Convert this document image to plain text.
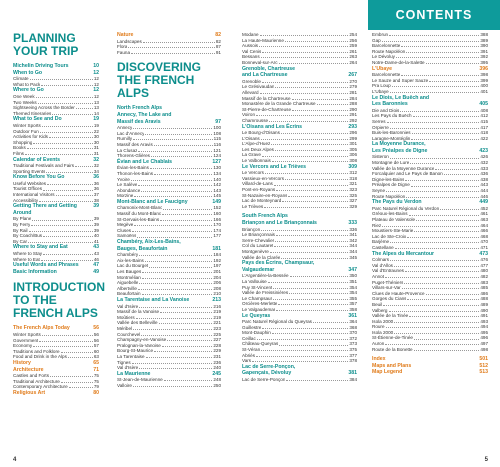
CONTENTS
PLANNING YOUR TRIP
Michelin Driving Tours	10
When to Go	12
Climate	12
What to Pack	12
Where to Go	12
One Week	12
Two Weeks	13
Sightseeing Across the Border	13
Themed Itineraries	14
What to See and Do	19
Winter Sports	19
Outdoor Fun	22
Activities for Kids	30
Shopping	30
Books	31
Films	31
Calendar of Events	32
Traditional Festivals and Fairs	32
Sporting Events	34
Know Before You Go	36
Useful Websites	36
Tourist Offices	36
International Visitors	37
Accessibility	38
Getting There and Getting Around
39
By Plane	39
By Ferry	39
By Rail	39
By Coach/Bus	40
By Car	41
Where to Stay and Eat	43
Where to Stay	43
Where to Eat	46
Useful Words and Phrases	47
Basic Information	49
INTRODUCTION TO THE FRENCH ALPS
The French Alps Today	56
Winter Sports	56
Government	56
Economy	57
Traditions and Folklore	60
Food and Drink in the Alps	63
History	65
Architecture	71
Castles and Forts	75
Traditional Architecture	75
Contemporary Architecture	79
Religious Art	80
Nature	82
Landscapes	82
Flora	87
Fauna	91
DISCOVERING THE FRENCH ALPS
North French Alps
Annecy, The Lake and
Massif des Aravis	97
Annecy	100
Lac d'Annecy	108
Rumilly	115
Massif des Aravis	116
La Clusaz	121
Thorens-Glières	124
Évian and Le Chablais	127
Évian-les-Bains	130
Thonon-les-Bains	134
Yvoire	140
Le Salève	142
Abondance	143
Morzine	145
Mont-Blanc and Le Faucigny	149
Chamonix-Mont-Blanc	152
Massif du Mont-Blanc	160
St-Gervais-les-Bains	166
Megève	170
Cluses	174
Samoëns	177
Chambéry, Aix-Les-Bains,
Bauges, Beaufortain	181
Chambéry	184
Aix-les-Bains	192
Lac du Bourget	197
Les Bauges	201
Montmélian	204
Aiguebelle	206
Albertville	208
Beaufortain	210
La Tarentaise and La Vanoise	213
Val d'Isère	216
Massif de la Vanoise	219
Moûtiers	219
Vallée des Belleville	221
Méribel	223
Courchevel	225
Champagny-en-Vanoise	227
Pralognan-la-Vanoise	228
Bourg-St-Maurice	229
La Tarentaise	231
Tignes	236
Val d'Isère	240
La Maurienne	245
St-Jean-de-Maurienne	248
Valloire	250
Modane	254
La Haute-Maurienne	256
Aussois	259
Val Cenis	261
Bessans	263
Bonneval-sur-Arc	264
Grenoble, Chartreuse
and La Chartreuse	267
Grenoble	270
Le Grésivaudan	279
Allevard	281
Massif de la Chartreuse	284
Monastère de la Grande Chartreuse	288
St-Pierre-de-Chartreuse	290
Voiron	291
Chamrousse	292
L'Oisans and Les Écrins	293
Le Bourg-d'Oisans	296
L'Oisans	299
L'Alpe-d'Huez	301
Les Deux Alpes	305
La Grave	306
Le Valbonnais	308
Le Vercors and Le Trièves	309
Le Vercors	312
Vassieux-en-Vercors	318
Villard-de-Lans	321
Pont-en-Royans	323
St-Nazaire-en-Royans	325
Lac de Monteynard	327
Le Trièves	329
South French Alps
Briançon and Le Briançonnais	333
Briançon	336
Le Briançonnais	341
Serre-Chevalier	342
Col du Lautaret	344
Montgenèvre	344
Vallée de la Clarée	345
Pays des Écrins, Champsaur,
Valgaudemar	347
L'Argentière-la-Bessée	350
La Vallouise	351
Puy St-Vincent	354
Vallée de Freissinières	354
Le Champsaur	355
Orcières-Merlette	357
Le Valgaudemar	358
Le Queyras	361
Parc Naturel Régional du Queyras	364
Guillestre	368
Mont-Dauphin	370
Ceillac	372
Château-Queyras	373
St-Véran	375
Abriès	377
Vars	378
Lac de Serre-Ponçon,
Gapençais, Dévoluy	381
Lac de Serre-Ponçon	384
Embrun	388
Gap	389
Barcelonnette	390
Route Napoléon	391
Le Dévoluy	392
Notre-Dame-de-la-Salette	395
L'Ubaye	396
Barcelonnette	398
Le Sauze and Super Sauze	399
Pra Loup	400
L'Ubaye	401
Le Diois, Le Buëch and
Les Baronnies	405
Die and Diois	408
Les Pays du Buëch	412
Serres	415
Orpierre	417
Buis-les-Baronnies	418
Laragne-Montéglin	422
La Moyenne Durance,
Les Préalpes de Digne	423
Sisteron	426
Montagne de Lure	432
Vallée de la Moyenne Durance	433
Forcalquier and Le Pays de Banon	436
Digne-les-Bains	438
Préalpes de Digne	443
Seyne	444
Route Napoléon	446
The Pays du Verdon	449
Parc Naturel Régional du Verdon	452
Gréoux-les-Bains	461
Plateau de Valensole	463
Riez	464
Moustiers-Ste-Marie	466
Lac de Ste-Croix	468
Barjème	470
Castellane	471
The Alpes du Mercantour	473
Colmars	476
Val d'Allos	477
Val d'Entraunes	480
Annot	482
Puget-Théniers	483
Villars-sur-Var	485
Clues de Haute-Provence	486
Gorges du Cians	488
Beuil	489
Valberg	490
Vallée de la Tinée	491
Isola 2000	493
Roure	494
Isola 2000	495
St-Étienne-de-Tinée	496
Auron	497
Route de la Bonette	498
Index	501
Maps and Plans	512
Map Legend	513
4	5
